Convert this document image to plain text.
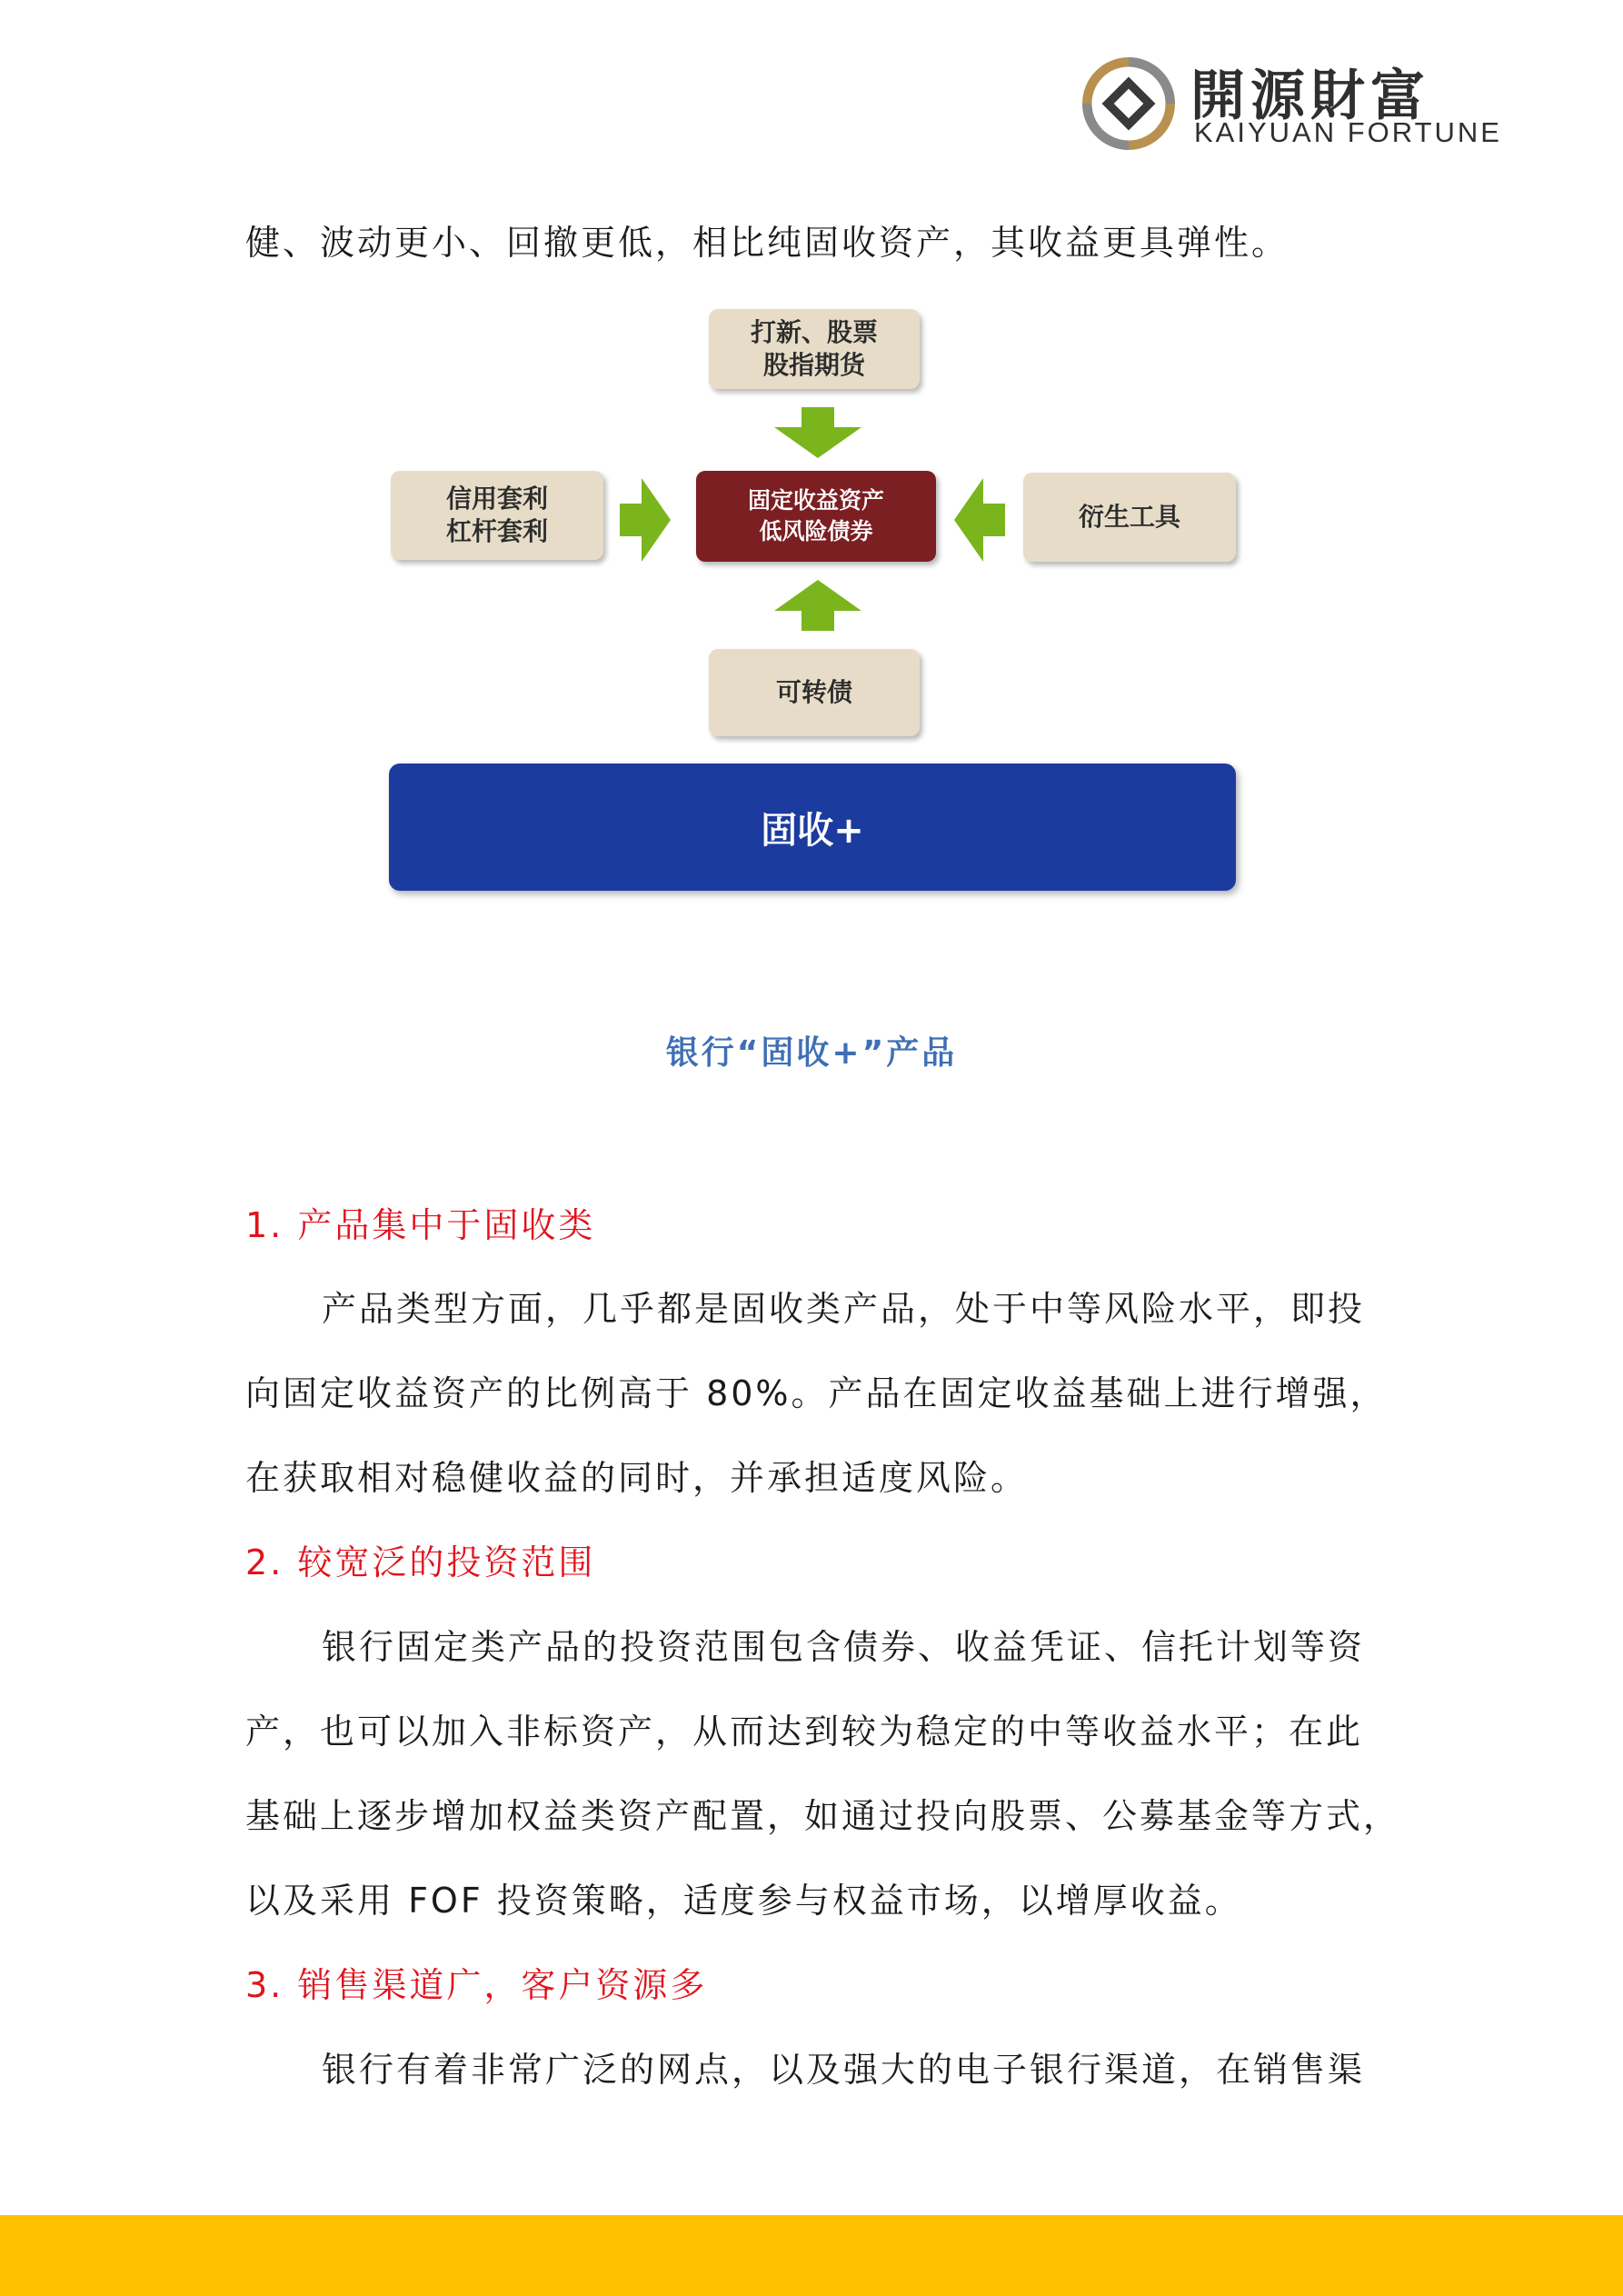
開源財富
KAIYUAN FORTUNE
健、波动更小、回撤更低，相比纯固收资产，其收益更具弹性。
打新、股票
股指期货
信用套利
杠杆套利
固定收益资产
低风险债券	衍生工具
可转债
固收+
银行“固收+”产品
1. 产品集中于固收类
产品类型方面，几乎都是固收类产品，处于中等风险水平，即投
向固定收益资产的比例高于 80%。产品在固定收益基础上进行增强，
在获取相对稳健收益的同时，并承担适度风险。
2. 较宽泛的投资范围
银行固定类产品的投资范围包含债券、收益凭证、信托计划等资
产，也可以加入非标资产，从而达到较为稳定的中等收益水平；在此
基础上逐步增加权益类资产配置，如通过投向股票、公募基金等方式，
以及采用 FOF 投资策略，适度参与权益市场，以增厚收益。
3. 销售渠道广，客户资源多
银行有着非常广泛的网点，以及强大的电子银行渠道，在销售渠
